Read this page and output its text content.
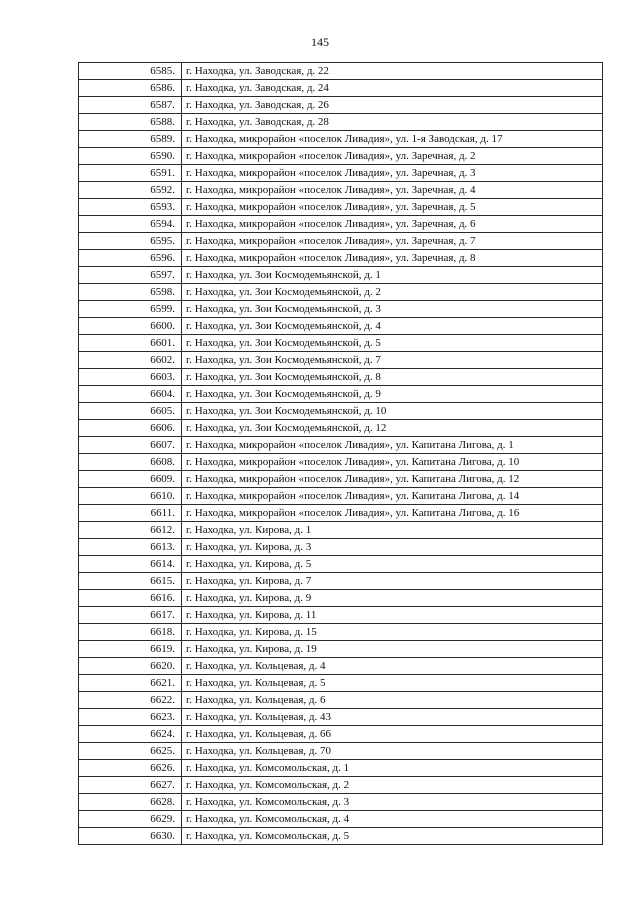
145
6585.	г. Находка, ул. Заводская, д. 22
6586.	г. Находка, ул. Заводская, д. 24
6587.	г. Находка, ул. Заводская, д. 26
6588.	г. Находка, ул. Заводская, д. 28
6589.	г. Находка, микрорайон «поселок Ливадия», ул. 1-я Заводская, д. 17
6590.	г. Находка, микрорайон «поселок Ливадия», ул. Заречная, д. 2
6591.	г. Находка, микрорайон «поселок Ливадия», ул. Заречная, д. 3
6592.	г. Находка, микрорайон «поселок Ливадия», ул. Заречная, д. 4
6593.	г. Находка, микрорайон «поселок Ливадия», ул. Заречная, д. 5
6594.	г. Находка, микрорайон «поселок Ливадия», ул. Заречная, д. 6
6595.	г. Находка, микрорайон «поселок Ливадия», ул. Заречная, д. 7
6596.	г. Находка, микрорайон «поселок Ливадия», ул. Заречная, д. 8
6597.	г. Находка, ул. Зои Космодемьянской, д. 1
6598.	г. Находка, ул. Зои Космодемьянской, д. 2
6599.	г. Находка, ул. Зои Космодемьянской, д. 3
6600.	г. Находка, ул. Зои Космодемьянской, д. 4
6601.	г. Находка, ул. Зои Космодемьянской, д. 5
6602.	г. Находка, ул. Зои Космодемьянской, д. 7
6603.	г. Находка, ул. Зои Космодемьянской, д. 8
6604.	г. Находка, ул. Зои Космодемьянской, д. 9
6605.	г. Находка, ул. Зои Космодемьянской, д. 10
6606.	г. Находка, ул. Зои Космодемьянской, д. 12
6607.	г. Находка, микрорайон «поселок Ливадия», ул. Капитана Лигова, д. 1
6608.	г. Находка, микрорайон «поселок Ливадия», ул. Капитана Лигова, д. 10
6609.	г. Находка, микрорайон «поселок Ливадия», ул. Капитана Лигова, д. 12
6610.	г. Находка, микрорайон «поселок Ливадия», ул. Капитана Лигова, д. 14
6611.	г. Находка, микрорайон «поселок Ливадия», ул. Капитана Лигова, д. 16
6612.	г. Находка, ул. Кирова, д. 1
6613.	г. Находка, ул. Кирова, д. 3
6614.	г. Находка, ул. Кирова, д. 5
6615.	г. Находка, ул. Кирова, д. 7
6616.	г. Находка, ул. Кирова, д. 9
6617.	г. Находка, ул. Кирова, д. 11
6618.	г. Находка, ул. Кирова, д. 15
6619.	г. Находка, ул. Кирова, д. 19
6620.	г. Находка, ул. Кольцевая, д. 4
6621.	г. Находка, ул. Кольцевая, д. 5
6622.	г. Находка, ул. Кольцевая, д. 6
6623.	г. Находка, ул. Кольцевая, д. 43
6624.	г. Находка, ул. Кольцевая, д. 66
6625.	г. Находка, ул. Кольцевая, д. 70
6626.	г. Находка, ул. Комсомольская, д. 1
6627.	г. Находка, ул. Комсомольская, д. 2
6628.	г. Находка, ул. Комсомольская, д. 3
6629.	г. Находка, ул. Комсомольская, д. 4
6630.	г. Находка, ул. Комсомольская, д. 5
